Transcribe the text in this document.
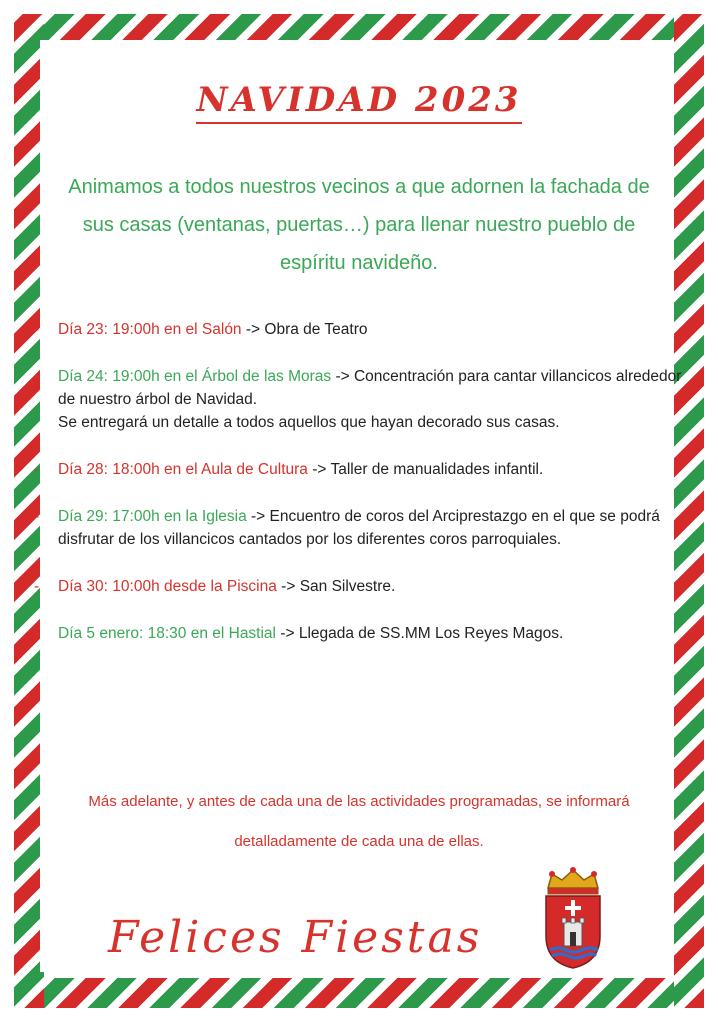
NAVIDAD 2023
Animamos a todos nuestros vecinos a que adornen la fachada de sus casas (ventanas, puertas…) para llenar nuestro pueblo de espíritu navideño.
- Día 23: 19:00h en el Salón -> Obra de Teatro
- Día 24: 19:00h en el Árbol de las Moras -> Concentración para cantar villancicos alrededor de nuestro árbol de Navidad.
Se entregará un detalle a todos aquellos que hayan decorado sus casas.
- Día 28: 18:00h en el Aula de Cultura -> Taller de manualidades infantil.
- Día 29: 17:00h en la Iglesia -> Encuentro de coros del Arciprestazgo en el que se podrá disfrutar de los villancicos cantados por los diferentes coros parroquiales.
- Día 30: 10:00h desde la Piscina -> San Silvestre.
- Día 5 enero: 18:30 en el Hastial -> Llegada de SS.MM Los Reyes Magos.
Más adelante, y antes de cada una de las actividades programadas, se informará detalladamente de cada una de ellas.
Felices Fiestas
